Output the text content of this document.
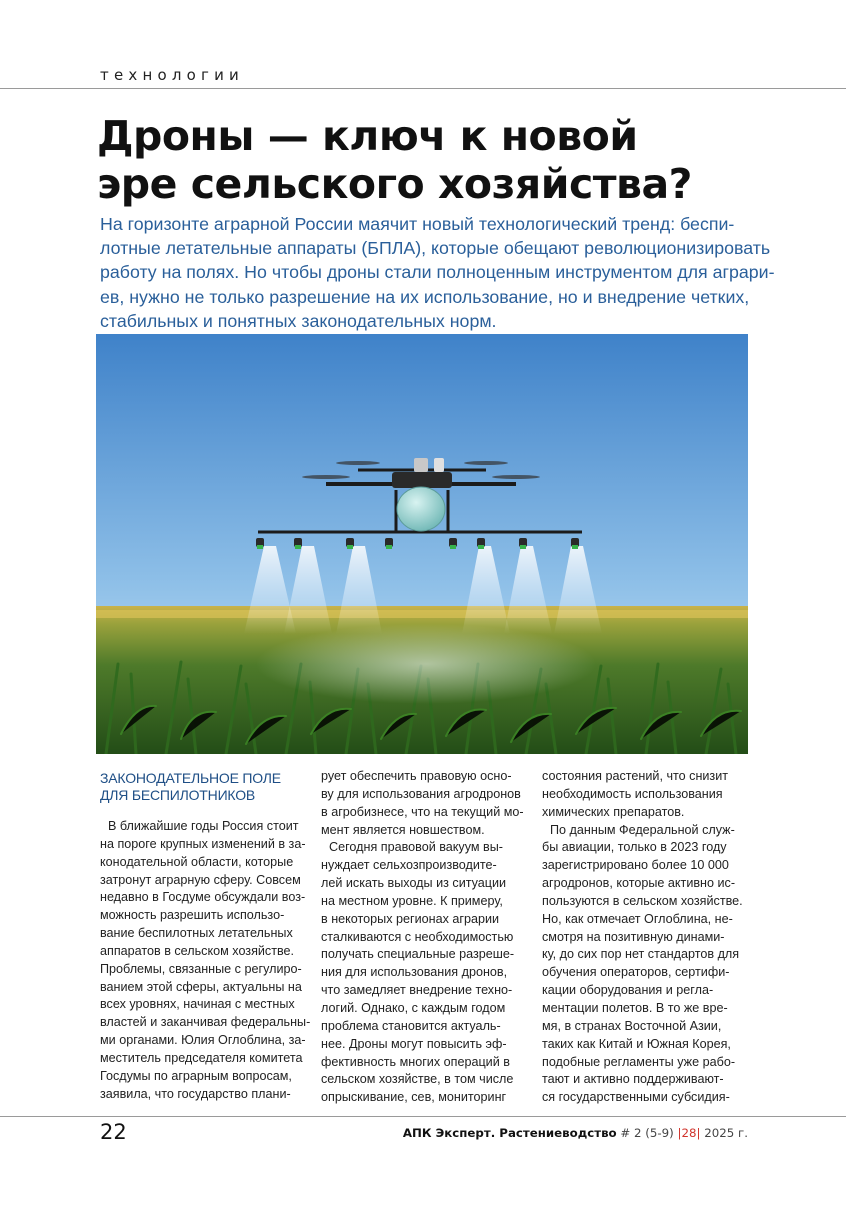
технологии
Дроны — ключ к новой
эре сельского хозяйства?
На горизонте аграрной России маячит новый технологический тренд: беспи-
лотные летательные аппараты (БПЛА), которые обещают революционизировать
работу на полях. Но чтобы дроны стали полноценным инструментом для аграри-
ев, нужно не только разрешение на их использование, но и внедрение четких,
стабильных и понятных законодательных норм.
ЗАКОНОДАТЕЛЬНОЕ ПОЛЕ
ДЛЯ БЕСПИЛОТНИКОВ
В ближайшие годы Россия стоит
на пороге крупных изменений в за-
конодательной области, которые
затронут аграрную сферу. Совсем
недавно в Госдуме обсуждали воз-
можность разрешить использо-
вание беспилотных летательных
аппаратов в сельском хозяйстве.
Проблемы, связанные с регулиро-
ванием этой сферы, актуальны на
всех уровнях, начиная с местных
властей и заканчивая федеральны-
ми органами. Юлия Оглоблина, за-
меститель председателя комитета
Госдумы по аграрным вопросам,
заявила, что государство плани-
рует обеспечить правовую осно-
ву для использования агродронов
в агробизнесе, что на текущий мо-
мент является новшеством.
Сегодня правовой вакуум вы-
нуждает сельхозпроизводите-
лей искать выходы из ситуации
на местном уровне. К примеру,
в некоторых регионах аграрии
сталкиваются с необходимостью
получать специальные разреше-
ния для использования дронов,
что замедляет внедрение техно-
логий. Однако, с каждым годом
проблема становится актуаль-
нее. Дроны могут повысить эф-
фективность многих операций в
сельском хозяйстве, в том числе
опрыскивание, сев, мониторинг
состояния растений, что снизит
необходимость использования
химических препаратов.
По данным Федеральной служ-
бы авиации, только в 2023 году
зарегистрировано более 10 000
агродронов, которые активно ис-
пользуются в сельском хозяйстве.
Но, как отмечает Оглоблина, не-
смотря на позитивную динами-
ку, до сих пор нет стандартов для
обучения операторов, сертифи-
кации оборудования и регла-
ментации полетов. В то же вре-
мя, в странах Восточной Азии,
таких как Китай и Южная Корея,
подобные регламенты уже рабо-
тают и активно поддерживают-
ся государственными субсидия-
22	АПК Эксперт. Растениеводство # 2 (5-9) |28| 2025 г.
